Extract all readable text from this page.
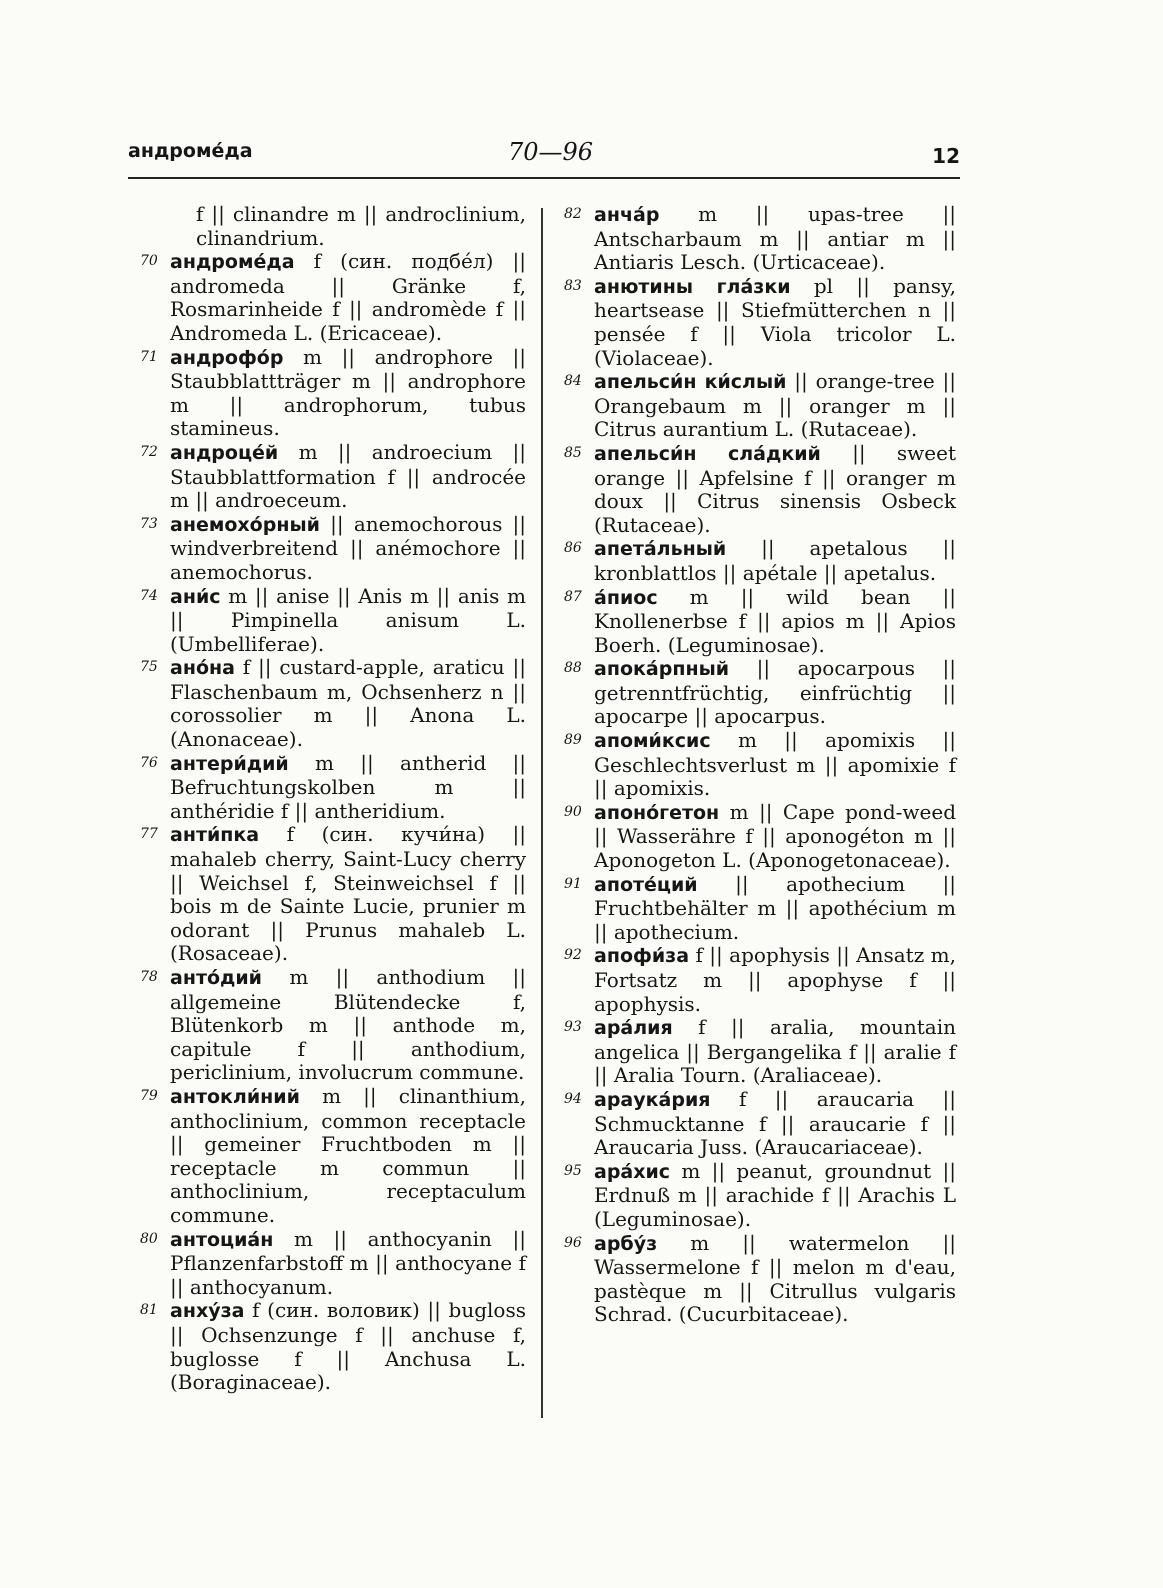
андроме́да	70—96	12
f || clinandre m || androclinium, clinandrium.
70 андроме́да f (син. подбе́л) || andromeda || Gränke f, Rosmarinheide f || andromède f || Andromeda L. (Ericaceae).
71 андрофо́р m || androphore || Staubblattträger m || androphore m || androphorum, tubus stamineus.
72 андроце́й m || androecium || Staubblattformation f || androcée m || androeceum.
73 анемохо́рный || anemochorous || windverbreitend || anémochore || anemochorus.
74 ани́с m || anise || Anis m || anis m || Pimpinella anisum L. (Umbelliferae).
75 ано́на f || custard-apple, araticu || Flaschenbaum m, Ochsenherz n || corossolier m || Anona L. (Anonaceae).
76 антери́дий m || antherid || Befruchtungskolben m || anthéridie f || antheridium.
77 анти́пка f (син. кучи́на) || mahaleb cherry, Saint-Lucy cherry || Weichsel f, Steinweichsel f || bois m de Sainte Lucie, prunier m odorant || Prunus mahaleb L. (Rosaceae).
78 анто́дий m || anthodium || allgemeine Blütendecke f, Blütenkorb m || anthode m, capitule f || anthodium, periclinium, involucrum commune.
79 антокли́ний m || clinanthium, anthoclinium, common receptacle || gemeiner Fruchtboden m || receptacle m commun || anthoclinium, receptaculum commune.
80 антоциа́н m || anthocyanin || Pflanzenfarbstoff m || anthocyane f || anthocyanum.
81 анху́за f (син. воловик) || bugloss || Ochsenzunge f || anchuse f, buglosse f || Anchusa L. (Boraginaceae).
82 анча́р m || upas-tree || Antscharbaum m || antiar m || Antiaris Lesch. (Urticaceae).
83 анютины гла́зки pl || pansy, heartsease || Stiefmütterchen n || pensée f || Viola tricolor L. (Violaceae).
84 апельси́н ки́слый || orange-tree || Orangebaum m || oranger m || Citrus aurantium L. (Rutaceae).
85 апельси́н сла́дкий || sweet orange || Apfelsine f || oranger m doux || Citrus sinensis Osbeck (Rutaceae).
86 апета́льный || apetalous || kronblattlos || apétale || apetalus.
87 а́пиос m || wild bean || Knollenerbse f || apios m || Apios Boerh. (Leguminosae).
88 апока́рпный || apocarpous || getrenntfrüchtig, einfrüchtig || apocarpe || apocarpus.
89 апоми́ксис m || apomixis || Geschlechtsverlust m || apomixie f || apomixis.
90 апоно́гетон m || Cape pond-weed || Wasserähre f || aponogéton m || Aponogeton L. (Aponogetonaceae).
91 апоте́ций || apothecium || Fruchtbehälter m || apothécium m || apothecium.
92 апофи́за f || apophysis || Ansatz m, Fortsatz m || apophyse f || apophysis.
93 ара́лия f || aralia, mountain angelica || Bergangelika f || aralie f || Aralia Tourn. (Araliaceae).
94 араука́рия f || araucaria || Schmucktanne f || araucarie f || Araucaria Juss. (Araucariaceae).
95 ара́хис m || peanut, groundnut || Erdnuß m || arachide f || Arachis L (Leguminosae).
96 арбу́з m || watermelon || Wassermelone f || melon m d'eau, pastèque m || Citrullus vulgaris Schrad. (Cucurbitaceae).
